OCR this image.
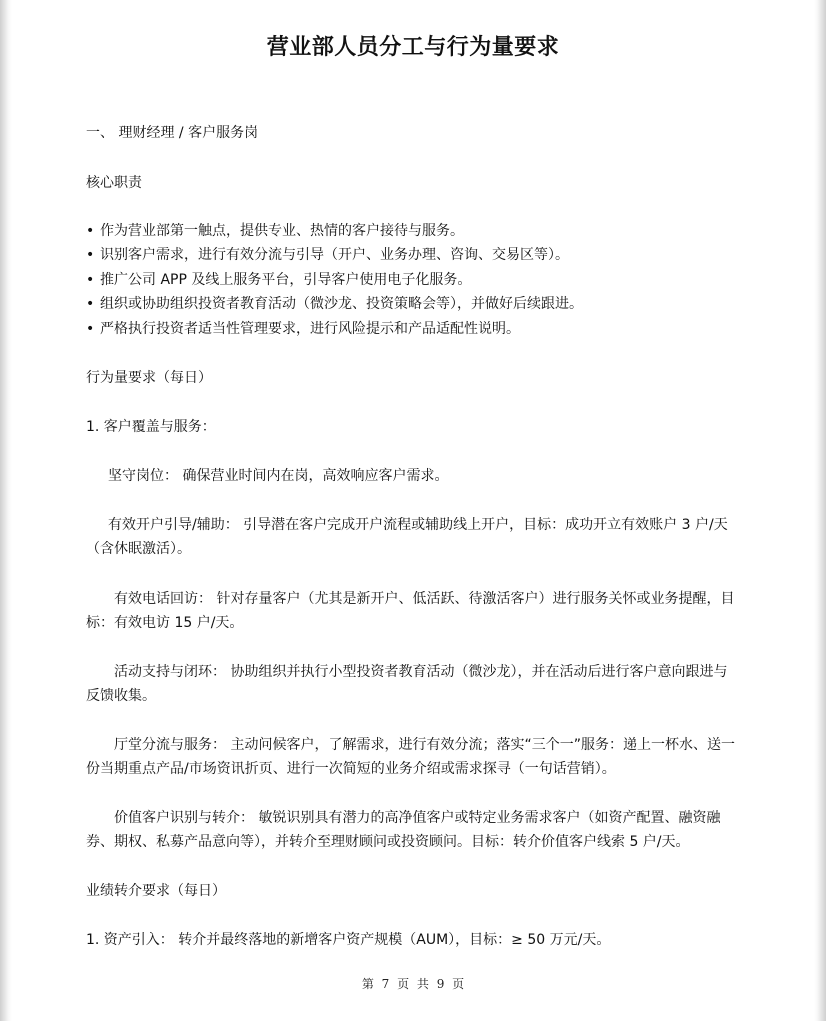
营业部人员分工与行为量要求
一、 理财经理 / 客户服务岗
核心职责
• 作为营业部第一触点，提供专业、热情的客户接待与服务。
• 识别客户需求，进行有效分流与引导（开户、业务办理、咨询、交易区等）。
• 推广公司 APP 及线上服务平台，引导客户使用电子化服务。
• 组织或协助组织投资者教育活动（微沙龙、投资策略会等），并做好后续跟进。
• 严格执行投资者适当性管理要求，进行风险提示和产品适配性说明。
行为量要求（每日）
1. 客户覆盖与服务：
坚守岗位： 确保营业时间内在岗，高效响应客户需求。
有效开户引导/辅助： 引导潜在客户完成开户流程或辅助线上开户，目标：成功开立有效账户 3 户/天（含休眠激活）。
有效电话回访： 针对存量客户（尤其是新开户、低活跃、待激活客户）进行服务关怀或业务提醒，目标：有效电访 15 户/天。
活动支持与闭环： 协助组织并执行小型投资者教育活动（微沙龙），并在活动后进行客户意向跟进与反馈收集。
厅堂分流与服务： 主动问候客户，了解需求，进行有效分流；落实“三个一”服务：递上一杯水、送一份当期重点产品/市场资讯折页、进行一次简短的业务介绍或需求探寻（一句话营销）。
价值客户识别与转介： 敏锐识别具有潜力的高净值客户或特定业务需求客户（如资产配置、融资融券、期权、私募产品意向等），并转介至理财顾问或投资顾问。目标：转介价值客户线索 5 户/天。
业绩转介要求（每日）
1. 资产引入： 转介并最终落地的新增客户资产规模（AUM），目标：≥ 50 万元/天。
第 7 页 共 9 页
